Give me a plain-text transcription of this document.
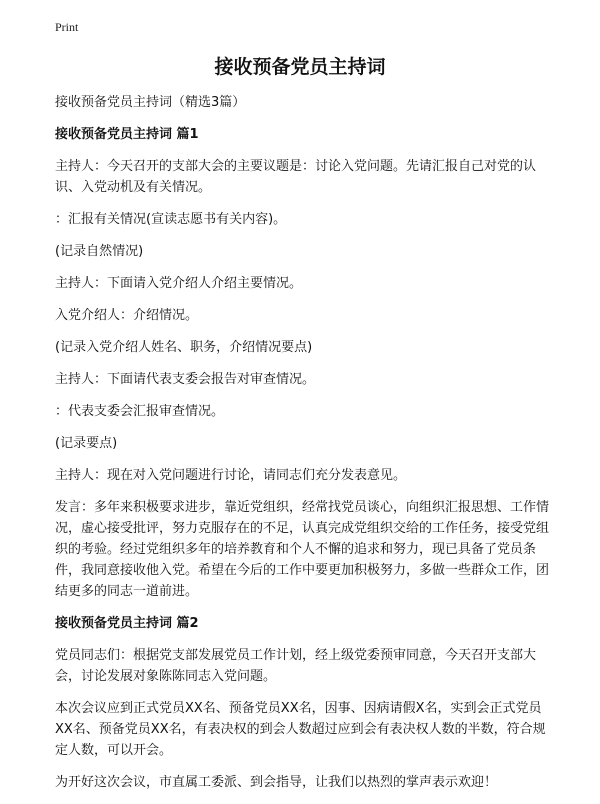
Print
接收预备党员主持词

接收预备党员主持词（精选3篇）

接收预备党员主持词 篇1

主持人：今天召开的支部大会的主要议题是：讨论入党问题。先请汇报自己对党的认识、入党动机及有关情况。

：汇报有关情况(宣读志愿书有关内容)。

(记录自然情况)

主持人：下面请入党介绍人介绍主要情况。

入党介绍人：介绍情况。

(记录入党介绍人姓名、职务，介绍情况要点)

主持人：下面请代表支委会报告对审查情况。

：代表支委会汇报审查情况。

(记录要点)

主持人：现在对入党问题进行讨论，请同志们充分发表意见。

发言：多年来积极要求进步，靠近党组织，经常找党员谈心，向组织汇报思想、工作情况，虚心接受批评，努力克服存在的不足，认真完成党组织交给的工作任务，接受党组织的考验。经过党组织多年的培养教育和个人不懈的追求和努力，现已具备了党员条件，我同意接收他入党。希望在今后的工作中要更加积极努力，多做一些群众工作，团结更多的同志一道前进。

接收预备党员主持词 篇2

党员同志们：根据党支部发展党员工作计划，经上级党委预审同意，今天召开支部大会，讨论发展对象陈陈同志入党问题。

本次会议应到正式党员XX名、预备党员XX名，因事、因病请假X名，实到会正式党员XX名、预备党员XX名，有表决权的到会人数超过应到会有表决权人数的半数，符合规定人数，可以开会。

为开好这次会议，市直属工委派、到会指导，让我们以热烈的掌声表示欢迎！
